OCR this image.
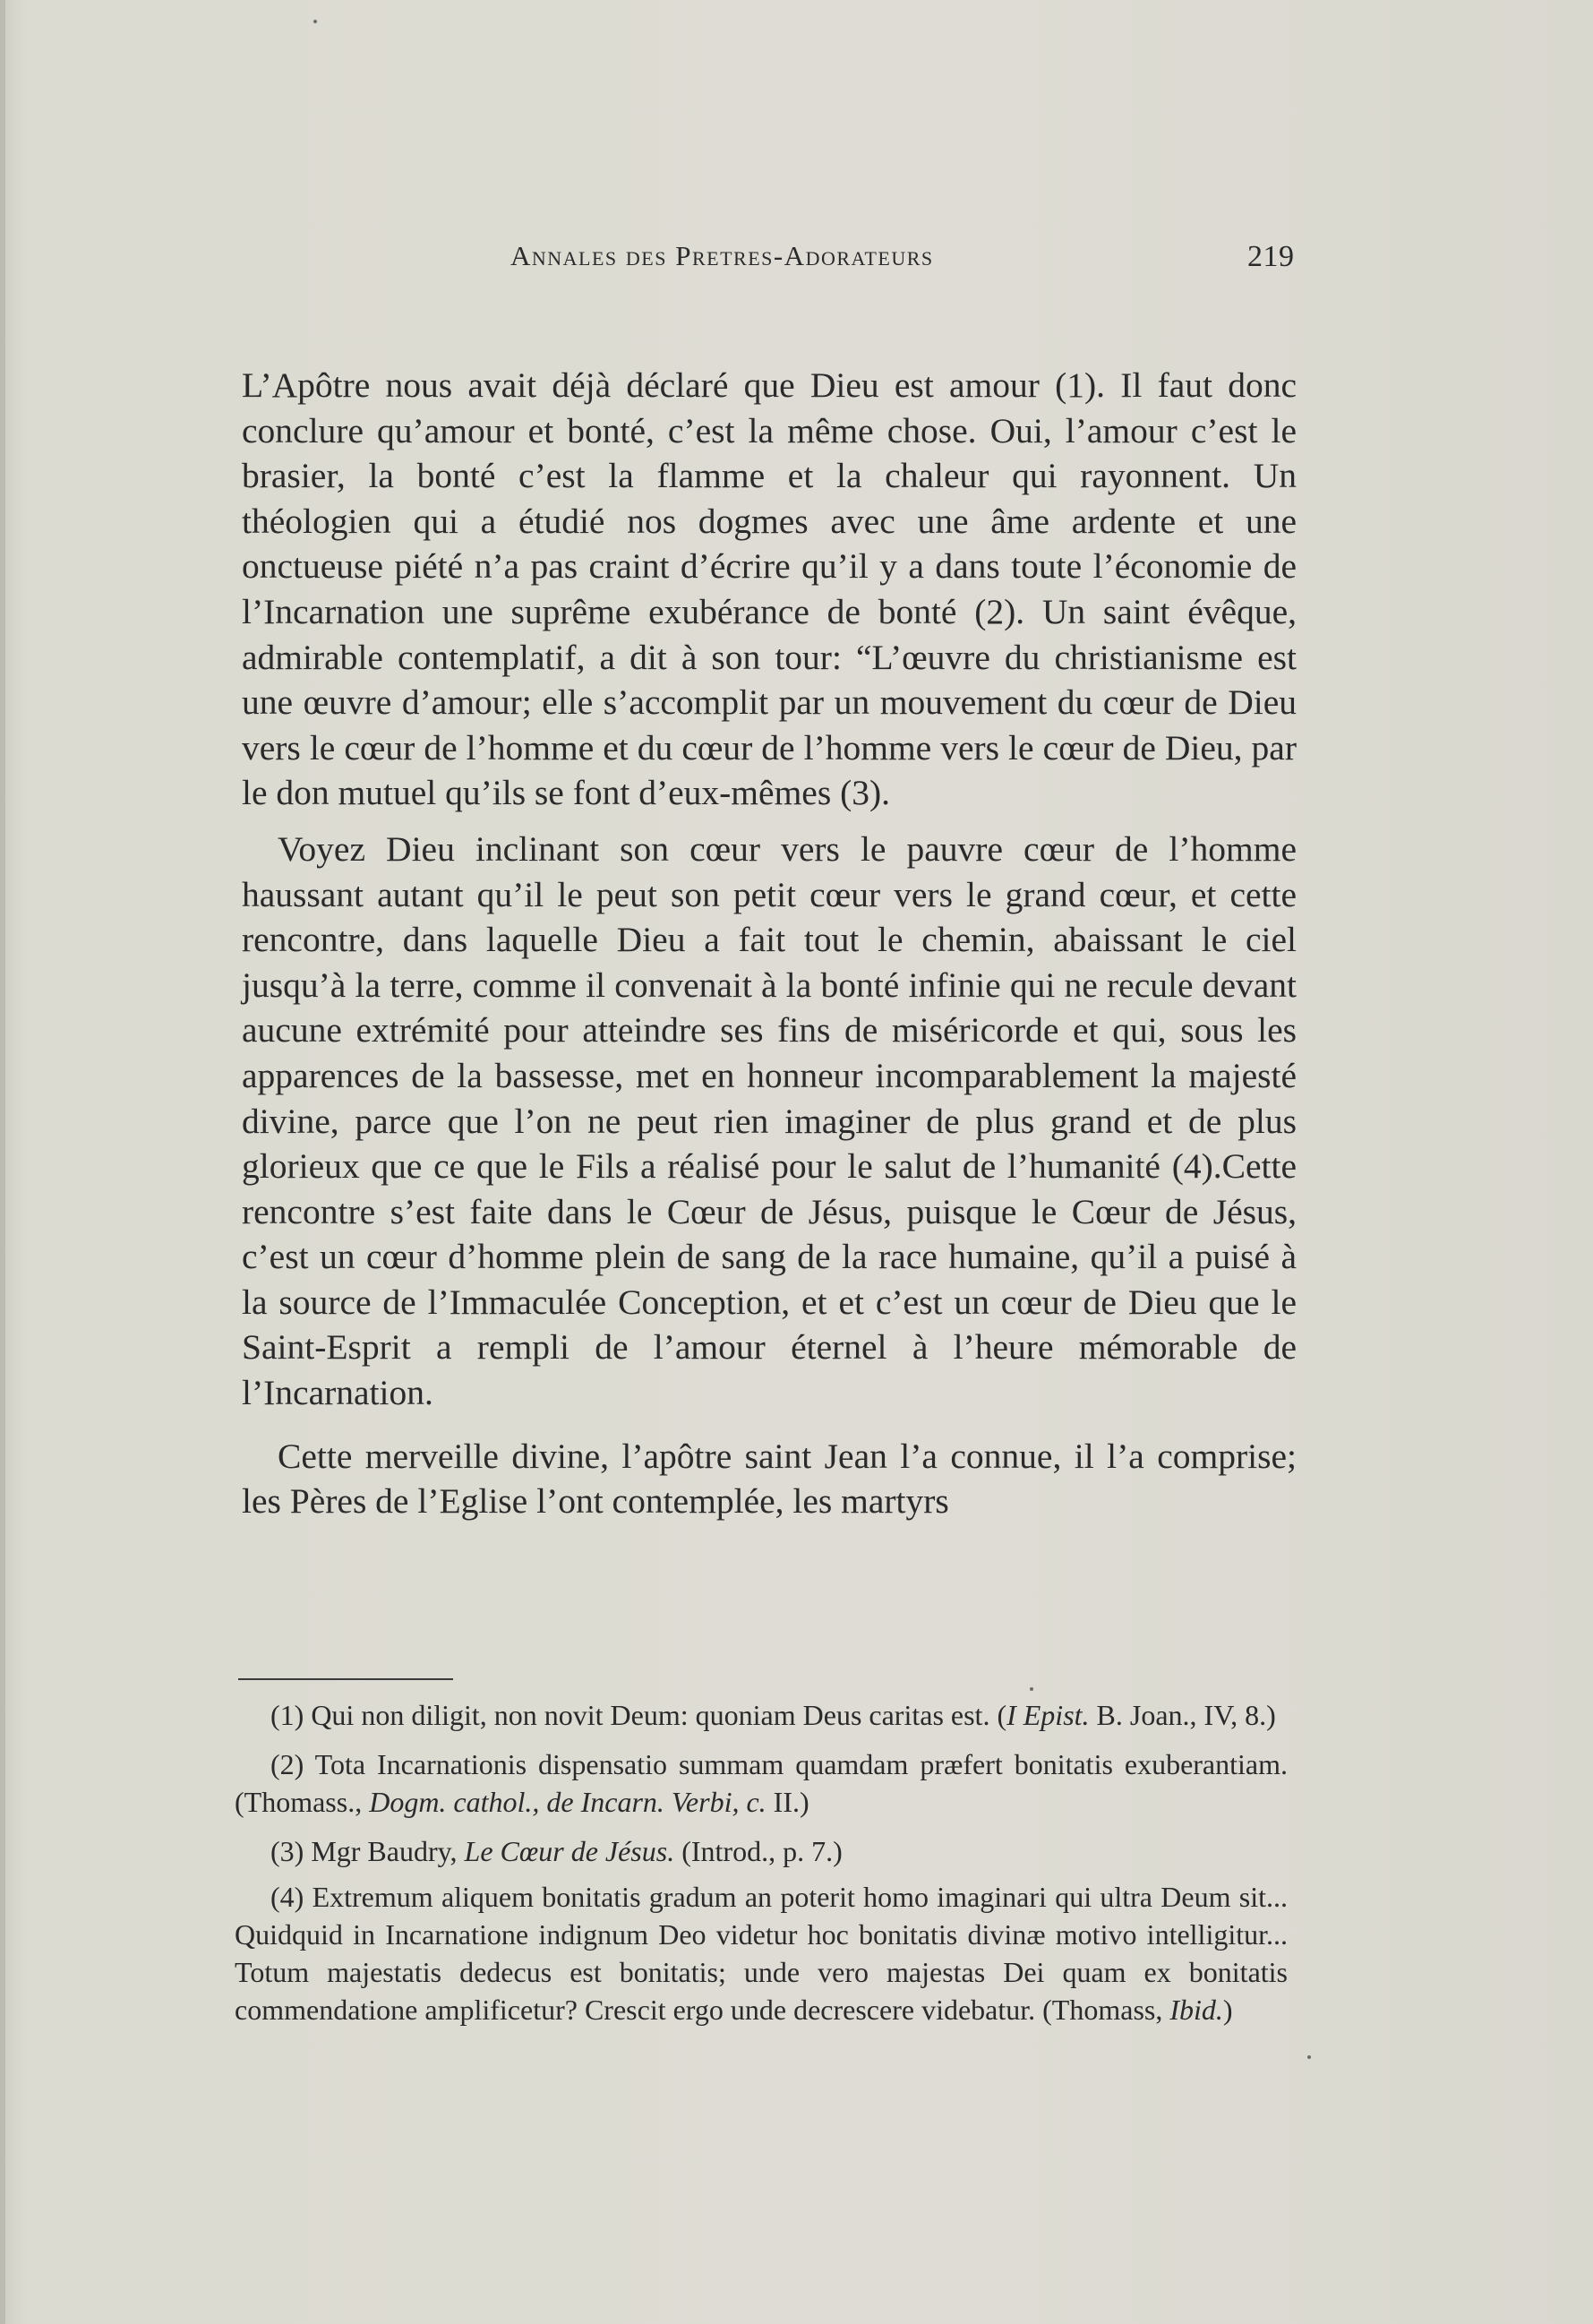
Annales des Pretres-Adorateurs	219

L’Apôtre nous avait déjà déclaré que Dieu est amour (1). Il faut donc conclure qu’amour et bonté, c’est la même chose. Oui, l’amour c’est le brasier, la bonté c’est la flamme et la chaleur qui rayonnent. Un théologien qui a étudié nos dogmes avec une âme ardente et une onctueuse piété n’a pas craint d’écrire qu’il y a dans toute l’économie de l’Incarnation une suprême exubérance de bonté (2). Un saint évêque, admirable contemplatif, a dit à son tour: “L’œuvre du christianisme est une œuvre d’amour; elle s’accomplit par un mouvement du cœur de Dieu vers le cœur de l’homme et du cœur de l’homme vers le cœur de Dieu, par le don mutuel qu’ils se font d’eux-mêmes (3).

Voyez Dieu inclinant son cœur vers le pauvre cœur de l’homme haussant autant qu’il le peut son petit cœur vers le grand cœur, et cette rencontre, dans laquelle Dieu a fait tout le chemin, abaissant le ciel jusqu’à la terre, comme il convenait à la bonté infinie qui ne recule devant aucune extrémité pour atteindre ses fins de miséricorde et qui, sous les apparences de la bassesse, met en honneur incomparablement la majesté divine, parce que l’on ne peut rien imaginer de plus grand et de plus glorieux que ce que le Fils a réalisé pour le salut de l’humanité (4).Cette rencontre s’est faite dans le Cœur de Jésus, puisque le Cœur de Jésus, c’est un cœur d’homme plein de sang de la race humaine, qu’il a puisé à la source de l’Immaculée Conception, et et c’est un cœur de Dieu que le Saint-Esprit a rempli de l’amour éternel à l’heure mémorable de l’Incarnation.

Cette merveille divine, l’apôtre saint Jean l’a connue, il l’a comprise; les Pères de l’Eglise l’ont contemplée, les martyrs

(1) Qui non diligit, non novit Deum: quoniam Deus caritas est. (I Epist. B. Joan., IV, 8.)

(2) Tota Incarnationis dispensatio summam quamdam præfert bonitatis exuberantiam. (Thomass., Dogm. cathol., de Incarn. Verbi, c. II.)

(3) Mgr Baudry, Le Cœur de Jésus. (Introd., p. 7.)

(4) Extremum aliquem bonitatis gradum an poterit homo imaginari qui ultra Deum sit... Quidquid in Incarnatione indignum Deo videtur hoc bonitatis divinæ motivo intelligitur... Totum majestatis dedecus est bonitatis; unde vero majestas Dei quam ex bonitatis commendatione amplificetur? Crescit ergo unde decrescere videbatur. (Thomass, Ibid.)
